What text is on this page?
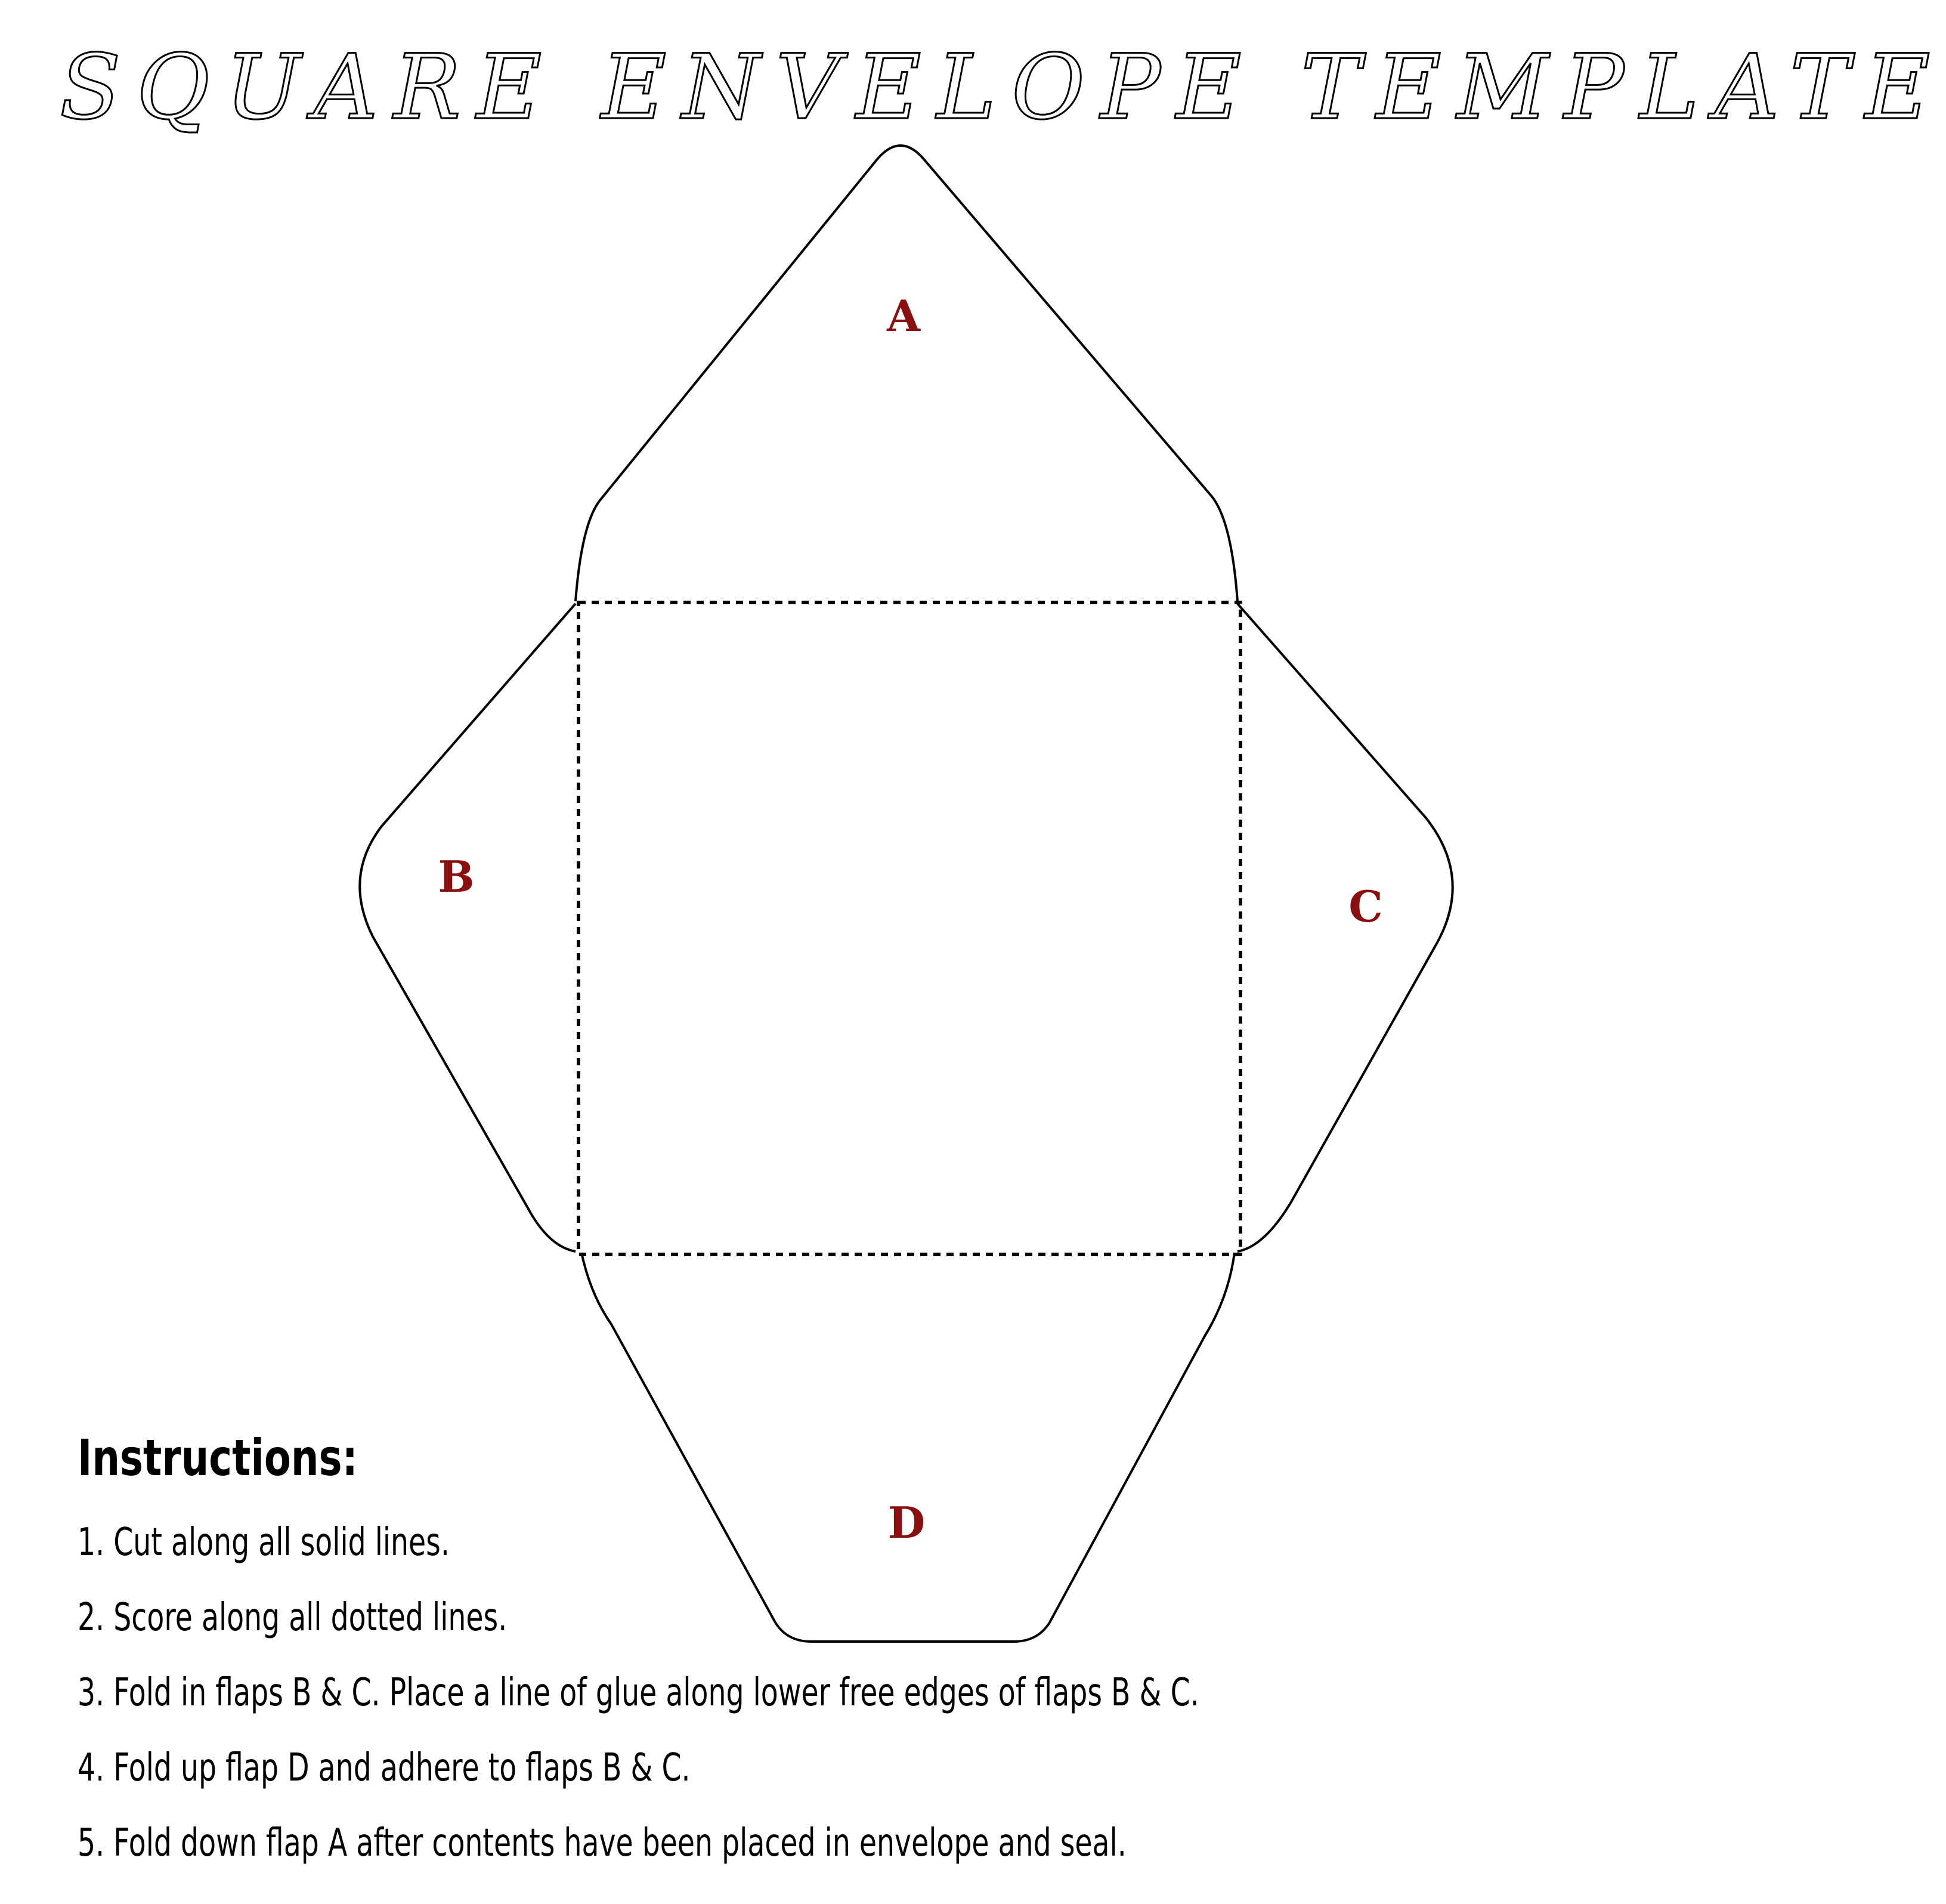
SQUARE ENVELOPE TEMPLATE
A
B
C
D
Instructions:
1. Cut along all solid lines.
2. Score along all dotted lines.
3. Fold in flaps B & C. Place a line of glue along lower free edges of flaps B & C.
4. Fold up flap D and adhere to flaps B & C.
5. Fold down flap A after contents have been placed in envelope and seal.
